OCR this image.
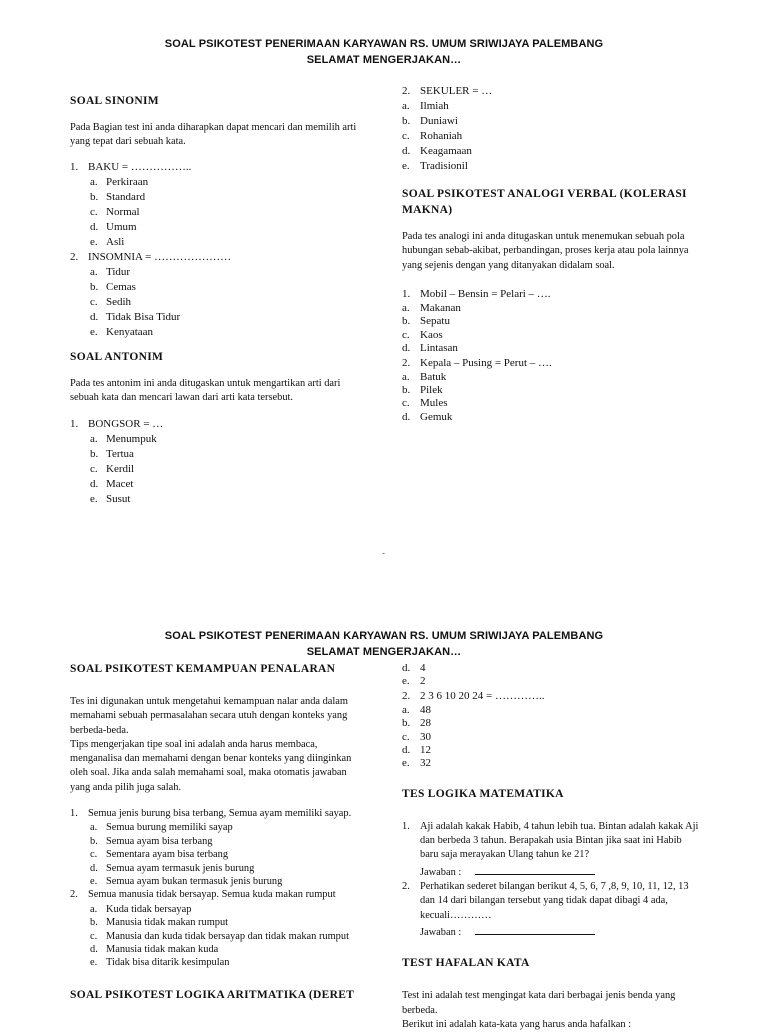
SOAL PSIKOTEST PENERIMAAN KARYAWAN RS. UMUM SRIWIJAYA PALEMBANG
SELAMAT MENGERJAKAN…
SOAL SINONIM
Pada Bagian test ini anda diharapkan dapat mencari dan memilih arti yang tepat dari sebuah kata.
1. BAKU = ……………..
a. Perkiraan
b. Standard
c. Normal
d. Umum
e. Asli
2. INSOMNIA = …………………
a. Tidur
b. Cemas
c. Sedih
d. Tidak Bisa Tidur
e. Kenyataan
SOAL ANTONIM
Pada tes antonim ini anda ditugaskan untuk mengartikan arti dari sebuah kata dan mencari lawan dari arti kata tersebut.
1. BONGSOR = …
a. Menumpuk
b. Tertua
c. Kerdil
d. Macet
e. Susut
2. SEKULER = …
a. Ilmiah
b. Duniawi
c. Rohaniah
d. Keagamaan
e. Tradisionil
SOAL PSIKOTEST ANALOGI VERBAL (KOLERASI MAKNA)
Pada tes analogi ini anda ditugaskan untuk menemukan sebuah pola hubungan sebab-akibat, perbandingan, proses kerja atau pola lainnya yang sejenis dengan yang ditanyakan didalam soal.
1. Mobil – Bensin = Pelari – ….
a. Makanan
b. Sepatu
c. Kaos
d. Lintasan
2. Kepala – Pusing = Perut – ….
a. Batuk
b. Pilek
c. Mules
d. Gemuk
-
SOAL PSIKOTEST PENERIMAAN KARYAWAN RS. UMUM SRIWIJAYA PALEMBANG
SELAMAT MENGERJAKAN…
SOAL PSIKOTEST KEMAMPUAN PENALARAN
Tes ini digunakan untuk mengetahui kemampuan nalar anda dalam memahami sebuah permasalahan secara utuh dengan konteks yang berbeda-beda.
Tips mengerjakan tipe soal ini adalah anda harus membaca, menganalisa dan memahami dengan benar konteks yang diinginkan oleh soal. Jika anda salah memahami soal, maka otomatis jawaban yang anda pilih juga salah.
1. Semua jenis burung bisa terbang, Semua ayam memiliki sayap.
a. Semua burung memiliki sayap
b. Semua ayam bisa terbang
c. Sementara ayam bisa terbang
d. Semua ayam termasuk jenis burung
e. Semua ayam bukan termasuk jenis burung
2. Semua manusia tidak bersayap. Semua kuda makan rumput
a. Kuda tidak bersayap
b. Manusia tidak makan rumput
c. Manusia dan kuda tidak bersayap dan tidak makan rumput
d. Manusia tidak makan kuda
e. Tidak bisa ditarik kesimpulan
SOAL PSIKOTEST LOGIKA ARITMATIKA (DERET
d. 4
e. 2
2. 2 3 6 10 20 24 = …………..
a. 48
b. 28
c. 30
d. 12
e. 32
TES LOGIKA MATEMATIKA
1. Aji adalah kakak Habib, 4 tahun lebih tua. Bintan adalah kakak Aji dan berbeda 3 tahun. Berapakah usia Bintan jika saat ini Habib baru saja merayakan Ulang tahun ke 21?
Jawaban :
2. Perhatikan sederet bilangan berikut 4, 5, 6, 7 ,8, 9, 10, 11, 12, 13 dan 14 dari bilangan tersebut yang tidak dapat dibagi 4 ada, kecuali…………
Jawaban :
TEST HAFALAN KATA
Test ini adalah test mengingat kata dari berbagai jenis benda yang berbeda.
Berikut ini adalah kata-kata yang harus anda hafalkan :
